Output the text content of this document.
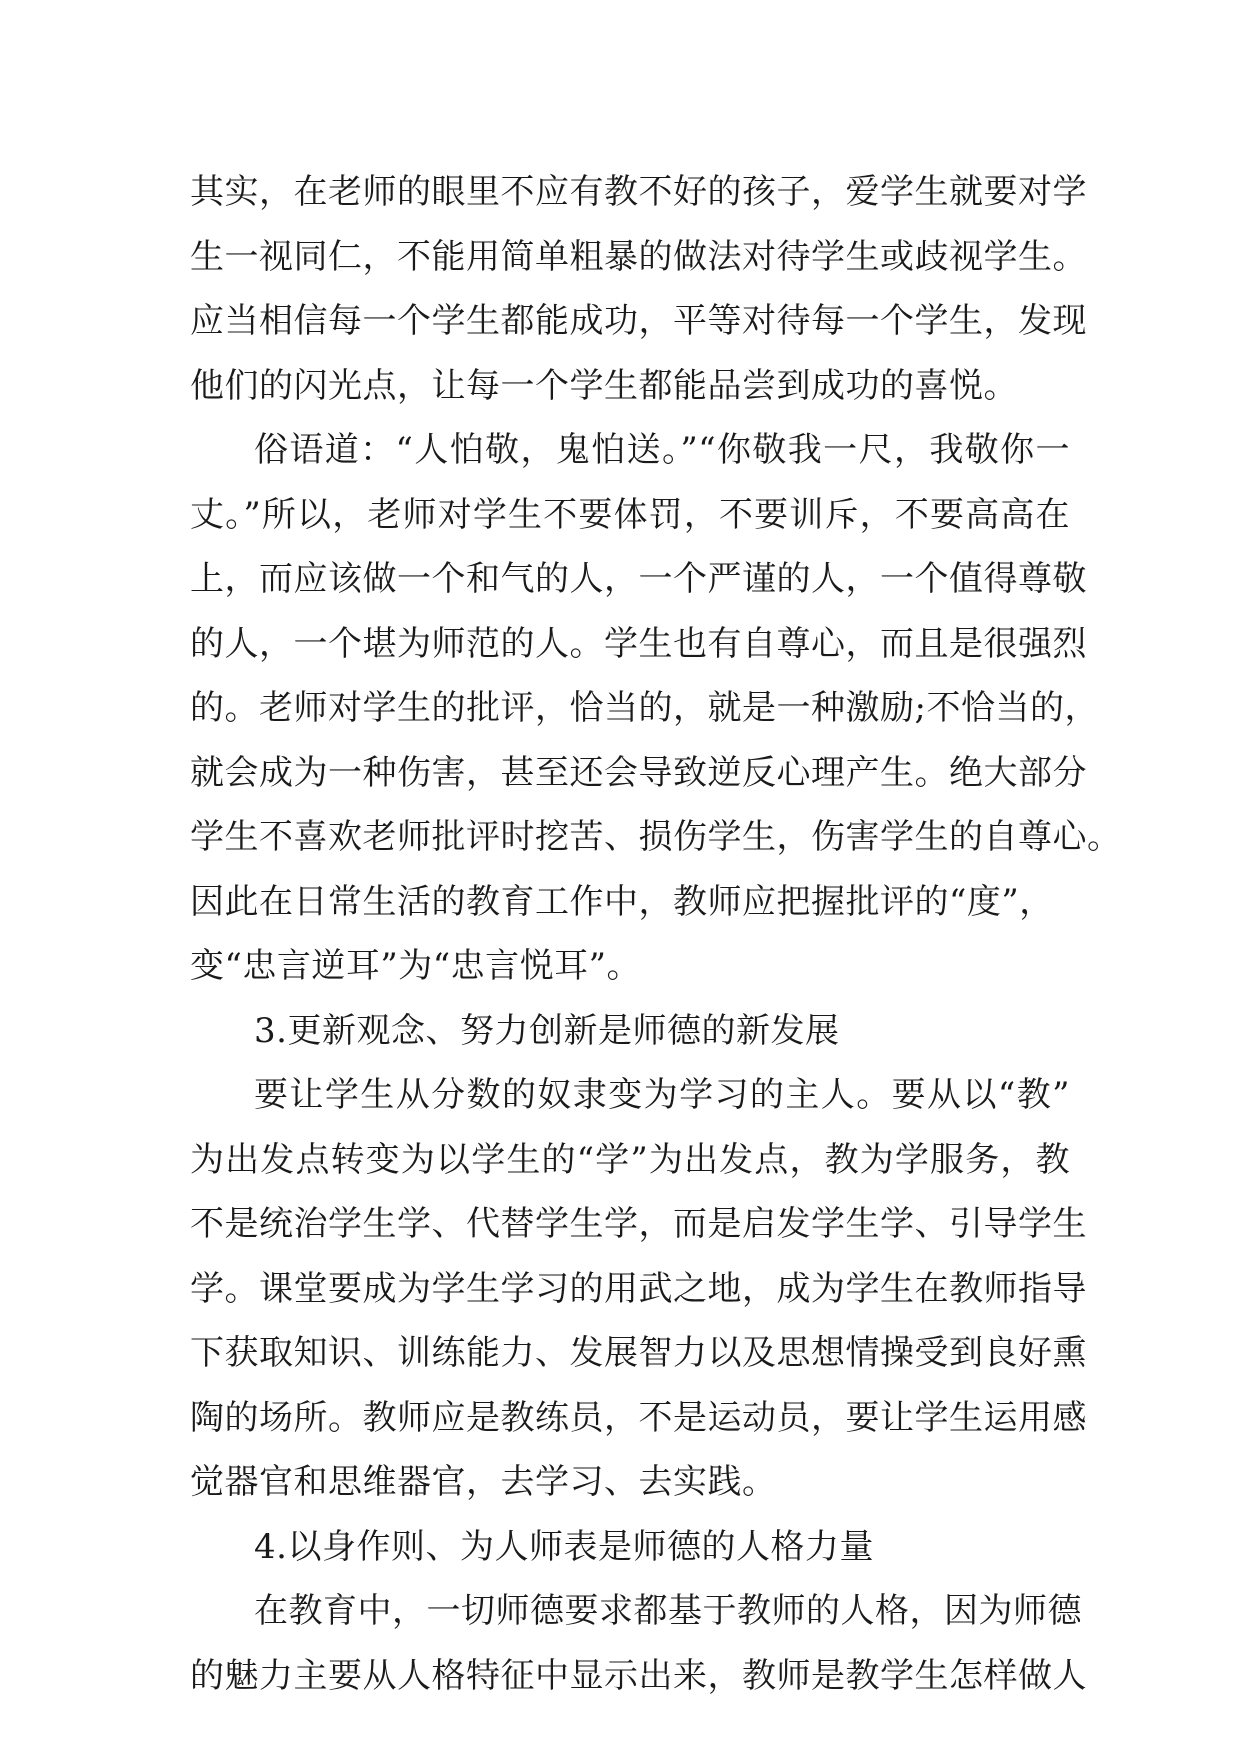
其实，在老师的眼里不应有教不好的孩子，爱学生就要对学
生一视同仁，不能用简单粗暴的做法对待学生或歧视学生。
应当相信每一个学生都能成功，平等对待每一个学生，发现
他们的闪光点，让每一个学生都能品尝到成功的喜悦。
俗语道：“人怕敬，鬼怕送。”“你敬我一尺，我敬你一
丈。”所以，老师对学生不要体罚，不要训斥，不要高高在
上，而应该做一个和气的人，一个严谨的人，一个值得尊敬
的人，一个堪为师范的人。学生也有自尊心，而且是很强烈
的。老师对学生的批评，恰当的，就是一种激励;不恰当的，
就会成为一种伤害，甚至还会导致逆反心理产生。绝大部分
学生不喜欢老师批评时挖苦、损伤学生，伤害学生的自尊心。
因此在日常生活的教育工作中，教师应把握批评的“度”，
变“忠言逆耳”为“忠言悦耳”。
3.更新观念、努力创新是师德的新发展
要让学生从分数的奴隶变为学习的主人。要从以“教”
为出发点转变为以学生的“学”为出发点，教为学服务，教
不是统治学生学、代替学生学，而是启发学生学、引导学生
学。课堂要成为学生学习的用武之地，成为学生在教师指导
下获取知识、训练能力、发展智力以及思想情操受到良好熏
陶的场所。教师应是教练员，不是运动员，要让学生运用感
觉器官和思维器官，去学习、去实践。
4.以身作则、为人师表是师德的人格力量
在教育中，一切师德要求都基于教师的人格，因为师德
的魅力主要从人格特征中显示出来，教师是教学生怎样做人
